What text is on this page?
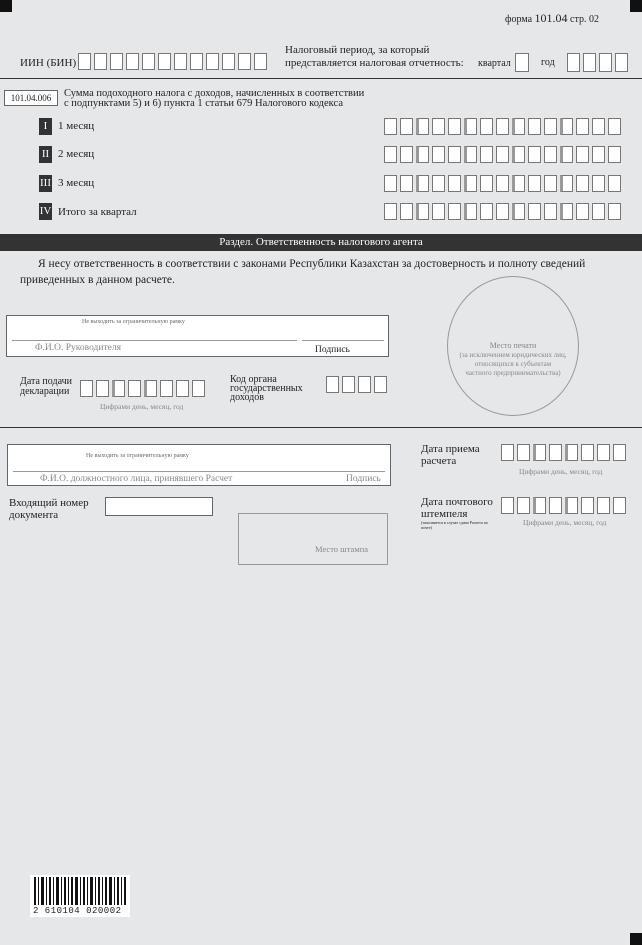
форма 101.04 стр. 02
ИИН (БИН)
Налоговый период, за который
представляется налоговая отчетность: квартал	год
101.04.006	Сумма подоходного налога с доходов, начисленных в соответствии
с подпунктами 5) и 6) пункта 1 статьи 679 Налогового кодекса
I 1 месяц
II 2 месяц
III 3 месяц
IV Итого за квартал
Раздел. Ответственность налогового агента
Я несу ответственность в соответствии с законами Республики Казахстан за достоверность и полноту сведений
приведенных в данном расчете.
Не выходить за ограничительную рамку
Ф.И.О. Руководителя	Подпись	Место печати
(за исключением юридических лиц,
относящихся к субъектам
частного предпринимательства)
Дата подачи
декларации
Цифрами день, месяц, год
Код органа
государственных
доходов
Не выходить за ограничительную рамку
Ф.И.О. должностного лица, принявшего Расчет	Подпись
Дата приема
расчета
Цифрами день, месяц, год
Входящий номер
документа
Дата почтового
штемпеля
(заполняется в случае сдачи Расчета по почте)
Цифрами день, месяц, год
Место штампа
2 610104 020002
